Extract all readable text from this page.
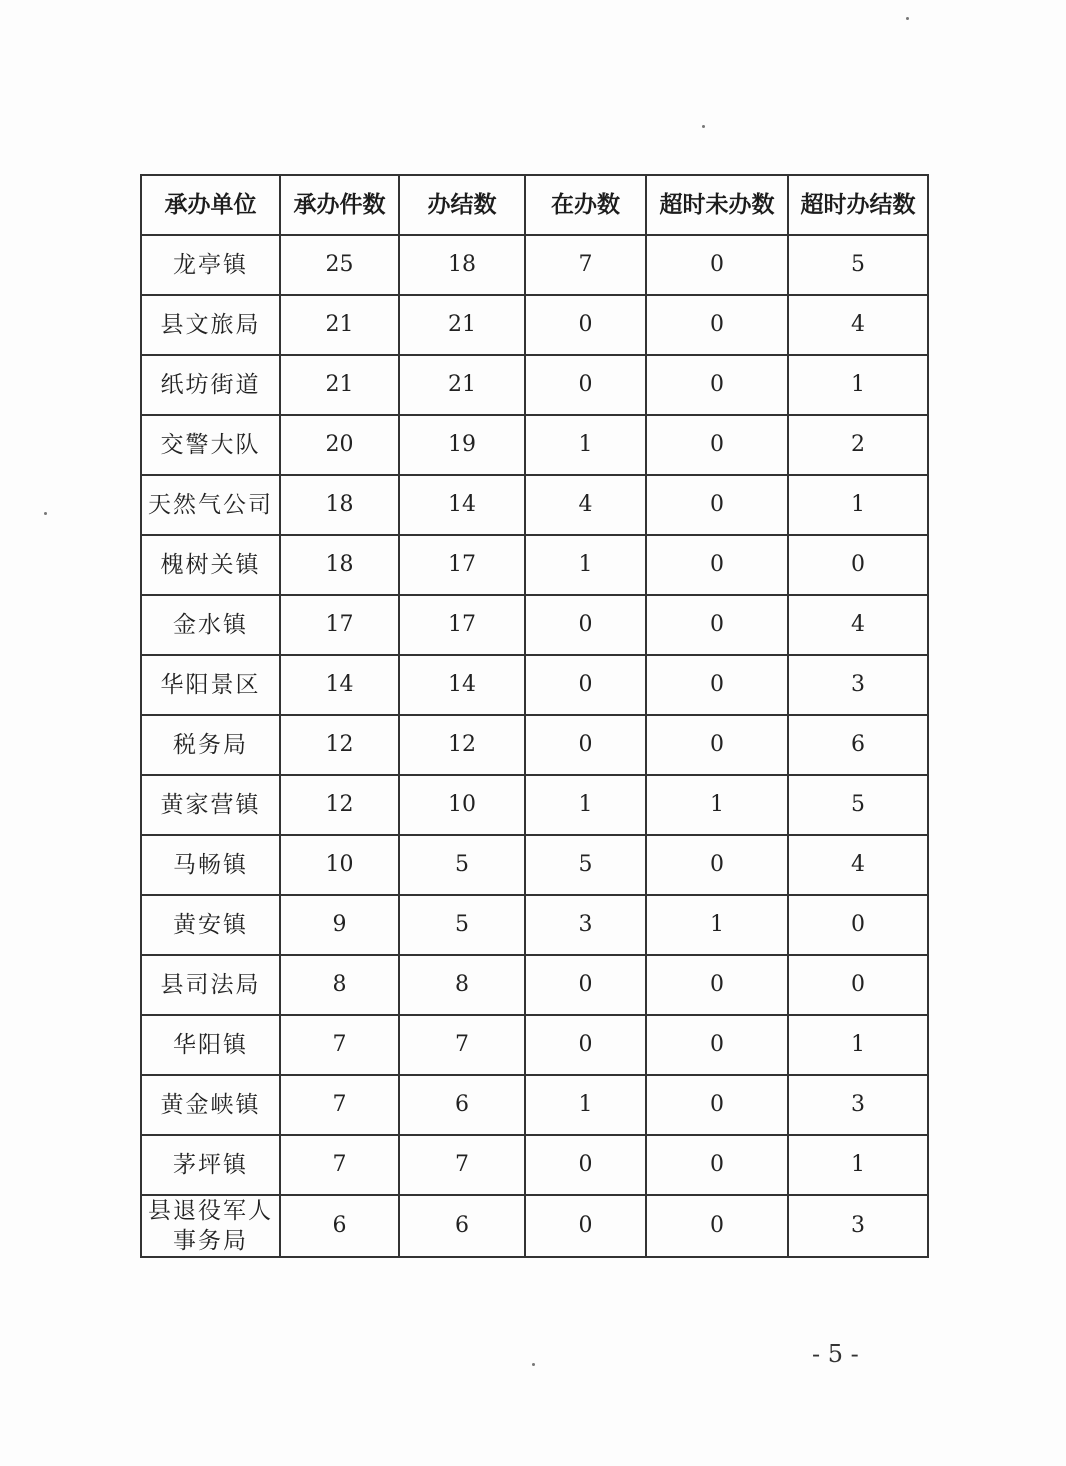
承办单位	承办件数	办结数	在办数	超时未办数	超时办结数
龙亭镇	25	18	7	0	5
县文旅局	21	21	0	0	4
纸坊街道	21	21	0	0	1
交警大队	20	19	1	0	2
天然气公司	18	14	4	0	1
槐树关镇	18	17	1	0	0
金水镇	17	17	0	0	4
华阳景区	14	14	0	0	3
税务局	12	12	0	0	6
黄家营镇	12	10	1	1	5
马畅镇	10	5	5	0	4
黄安镇	9	5	3	1	0
县司法局	8	8	0	0	0
华阳镇	7	7	0	0	1
黄金峡镇	7	6	1	0	3
茅坪镇	7	7	0	0	1
县退役军人事务局	6	6	0	0	3
- 5 -
